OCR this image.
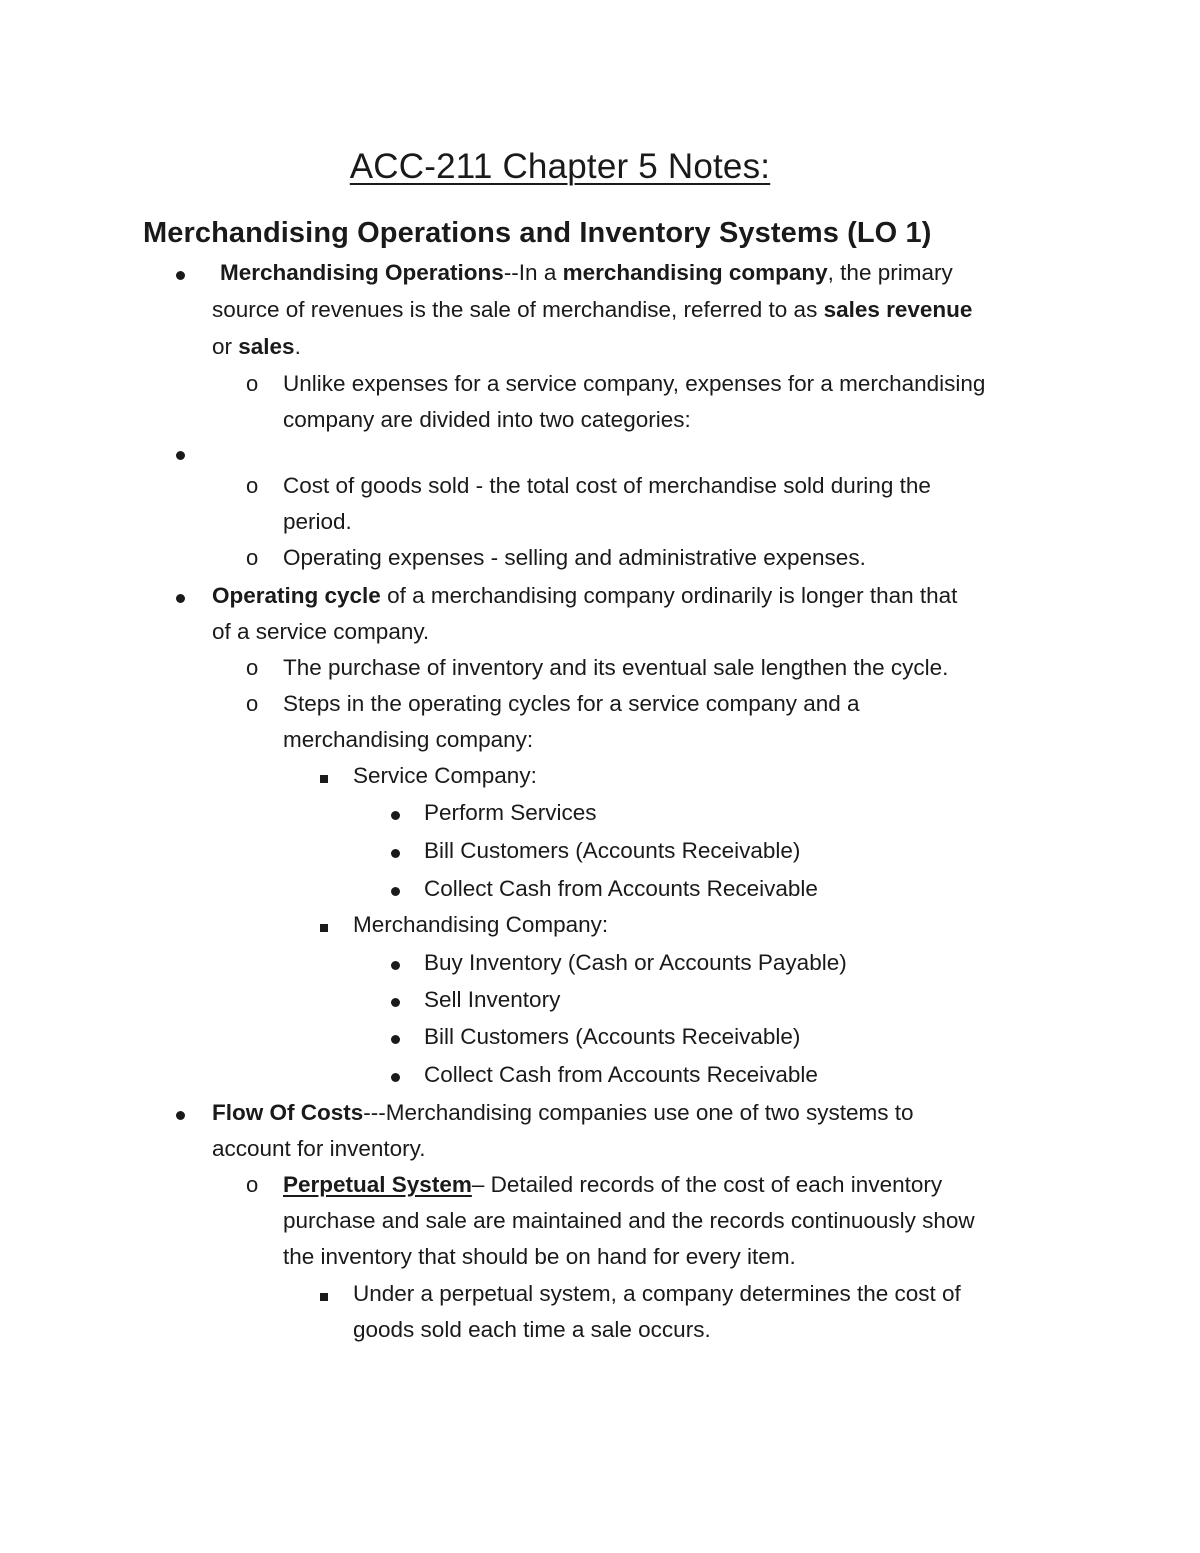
ACC-211 Chapter 5 Notes:
Merchandising Operations and Inventory Systems (LO 1)
Merchandising Operations--In a merchandising company, the primary
source of revenues is the sale of merchandise, referred to as sales revenue
or sales.
o Unlike expenses for a service company, expenses for a merchandising
company are divided into two categories:
o Cost of goods sold - the total cost of merchandise sold during the
period.
o Operating expenses - selling and administrative expenses.
Operating cycle of a merchandising company ordinarily is longer than that
of a service company.
o The purchase of inventory and its eventual sale lengthen the cycle.
o Steps in the operating cycles for a service company and a
merchandising company:
Service Company:
Perform Services
Bill Customers (Accounts Receivable)
Collect Cash from Accounts Receivable
Merchandising Company:
Buy Inventory (Cash or Accounts Payable)
Sell Inventory
Bill Customers (Accounts Receivable)
Collect Cash from Accounts Receivable
Flow Of Costs---Merchandising companies use one of two systems to
account for inventory.
o Perpetual System– Detailed records of the cost of each inventory
purchase and sale are maintained and the records continuously show
the inventory that should be on hand for every item.
Under a perpetual system, a company determines the cost of
goods sold each time a sale occurs.
